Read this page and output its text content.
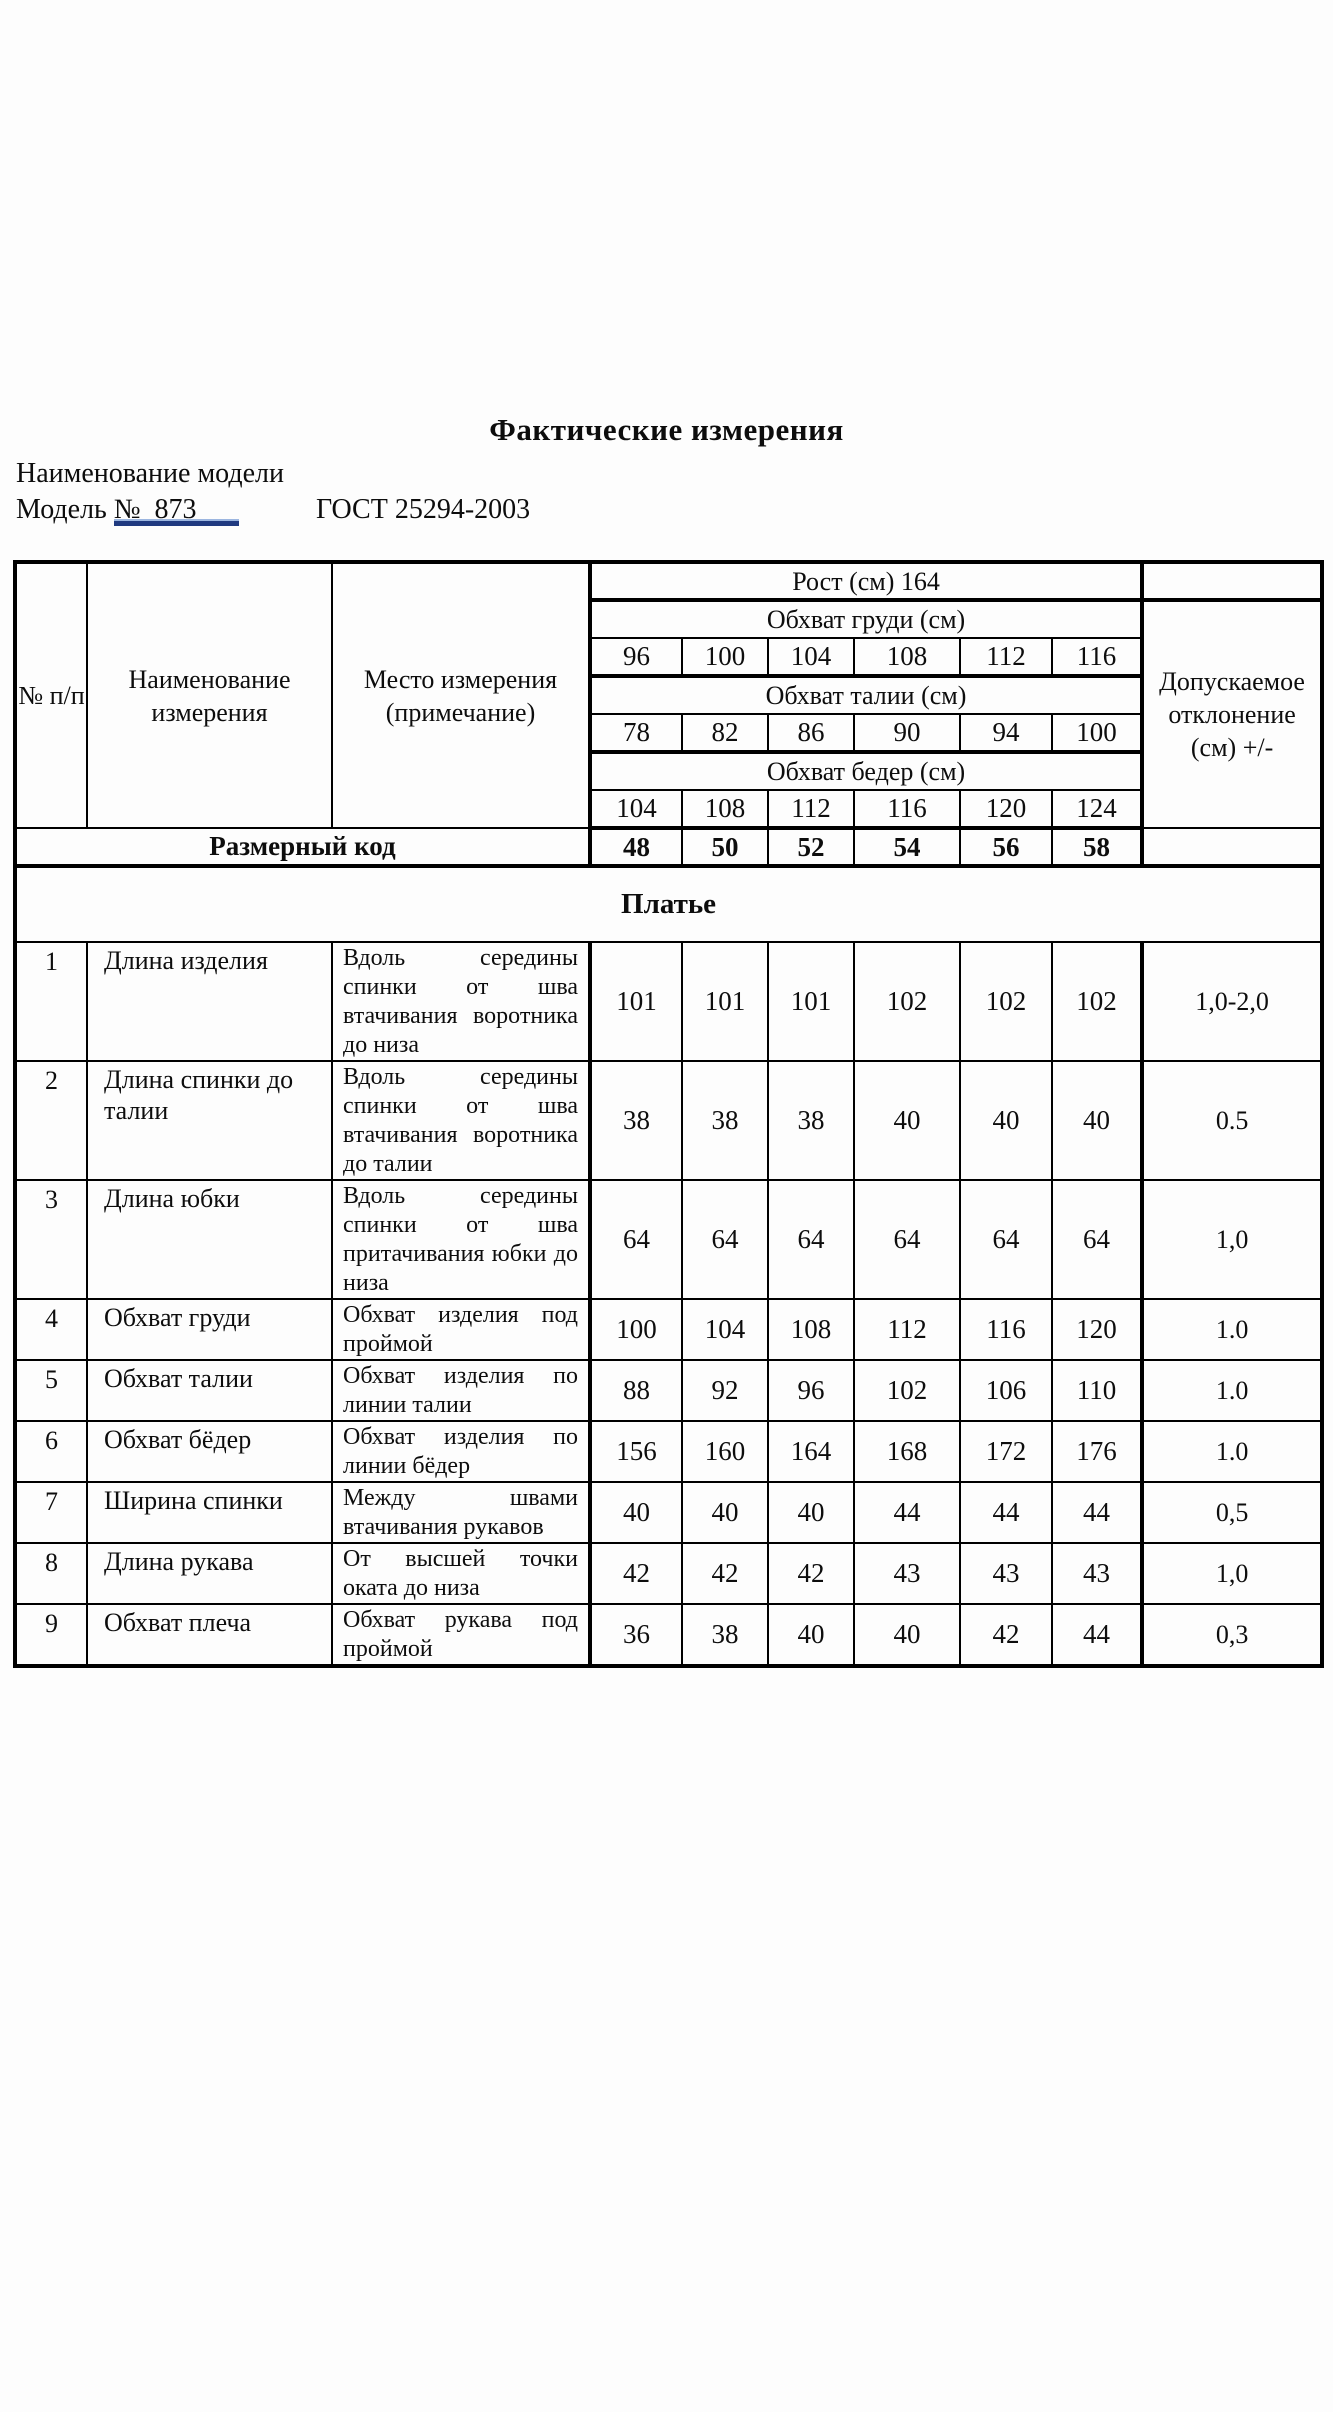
Фактические измерения
Наименование модели
Модель №  873	ГОСТ 25294-2003
№ п/п	Наименование измерения	Место измерения (примечание)	Рост (см) 164						
			Обхват груди (см)						Допускаемое отклонение (см) +/-
			96	100	104	108	112	116	
			Обхват талии (см)						
			78	82	86	90	94	100	
			Обхват бедер (см)						
			104	108	112	116	120	124	
Размерный код			48	50	52	54	56	58	
Платье									
1	Длина изделия	Вдоль середины спинки от шва втачивания воротника до низа	101	101	101	102	102	102	1,0-2,0
2	Длина спинки до талии	Вдоль середины спинки от шва втачивания воротника до талии	38	38	38	40	40	40	0.5
3	Длина юбки	Вдоль середины спинки от шва притачивания юбки до низа	64	64	64	64	64	64	1,0
4	Обхват груди	Обхват изделия под проймой	100	104	108	112	116	120	1.0
5	Обхват талии	Обхват изделия по линии талии	88	92	96	102	106	110	1.0
6	Обхват бёдер	Обхват изделия по линии бёдер	156	160	164	168	172	176	1.0
7	Ширина спинки	Между швами втачивания рукавов	40	40	40	44	44	44	0,5
8	Длина рукава	От высшей точки оката до низа	42	42	42	43	43	43	1,0
9	Обхват плеча	Обхват рукава под проймой	36	38	40	40	42	44	0,3
